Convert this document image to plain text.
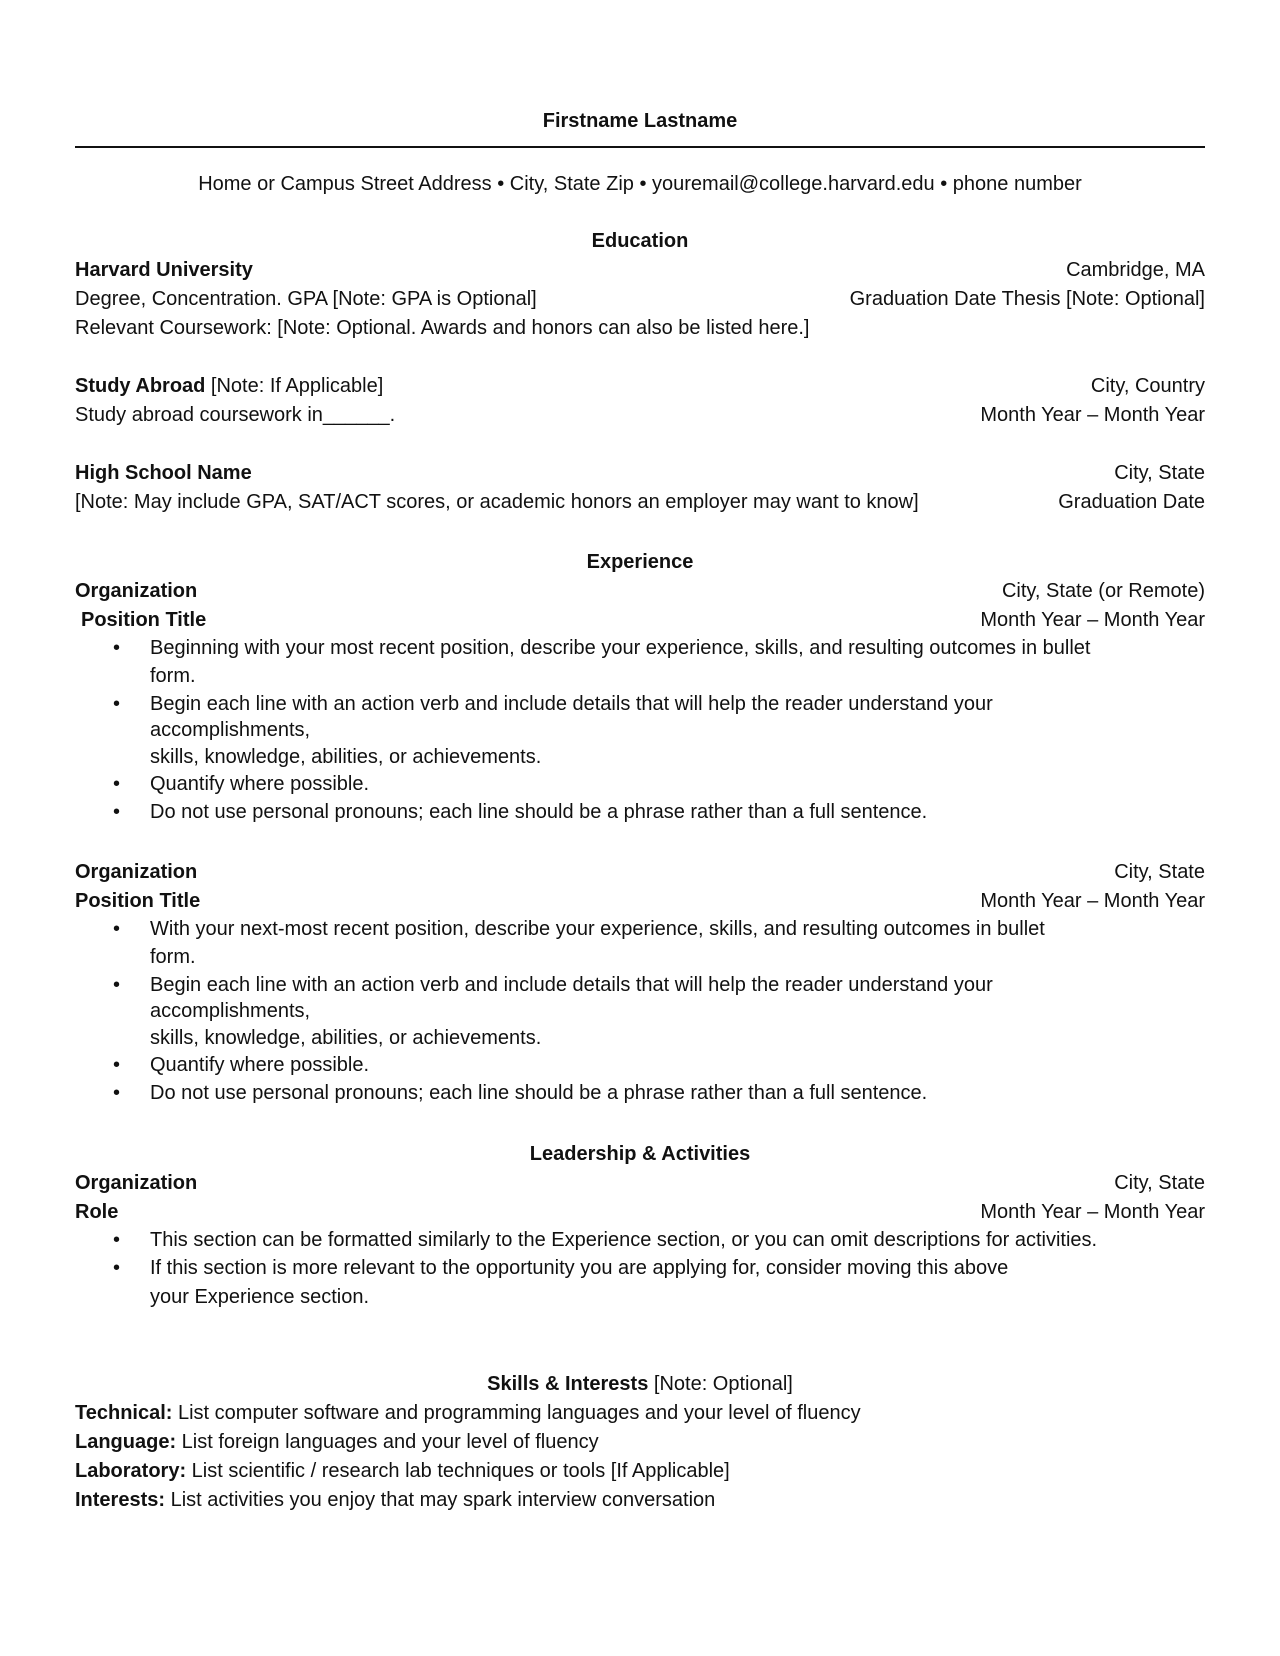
Firstname Lastname
Home or Campus Street Address • City, State Zip • youremail@college.harvard.edu • phone number
Education
Harvard University	Cambridge, MA
Degree, Concentration. GPA [Note: GPA is Optional]	Graduation Date Thesis [Note: Optional]
Relevant Coursework: [Note: Optional. Awards and honors can also be listed here.]
Study Abroad [Note: If Applicable]	City, Country
Study abroad coursework in______.	Month Year – Month Year
High School Name	City, State
[Note: May include GPA, SAT/ACT scores, or academic honors an employer may want to know]	Graduation Date
Experience
Organization	City, State (or Remote)
Position Title	Month Year – Month Year
• Beginning with your most recent position, describe your experience, skills, and resulting outcomes in bullet
form.
• Begin each line with an action verb and include details that will help the reader understand your
accomplishments,
skills, knowledge, abilities, or achievements.
• Quantify where possible.
• Do not use personal pronouns; each line should be a phrase rather than a full sentence.
Organization	City, State
Position Title	Month Year – Month Year
• With your next-most recent position, describe your experience, skills, and resulting outcomes in bullet
form.
• Begin each line with an action verb and include details that will help the reader understand your
accomplishments,
skills, knowledge, abilities, or achievements.
• Quantify where possible.
• Do not use personal pronouns; each line should be a phrase rather than a full sentence.
Leadership & Activities
Organization	City, State
Role	Month Year – Month Year
• This section can be formatted similarly to the Experience section, or you can omit descriptions for activities.
• If this section is more relevant to the opportunity you are applying for, consider moving this above
your Experience section.
Skills & Interests [Note: Optional]
Technical: List computer software and programming languages and your level of fluency
Language: List foreign languages and your level of fluency
Laboratory: List scientific / research lab techniques or tools [If Applicable]
Interests: List activities you enjoy that may spark interview conversation
